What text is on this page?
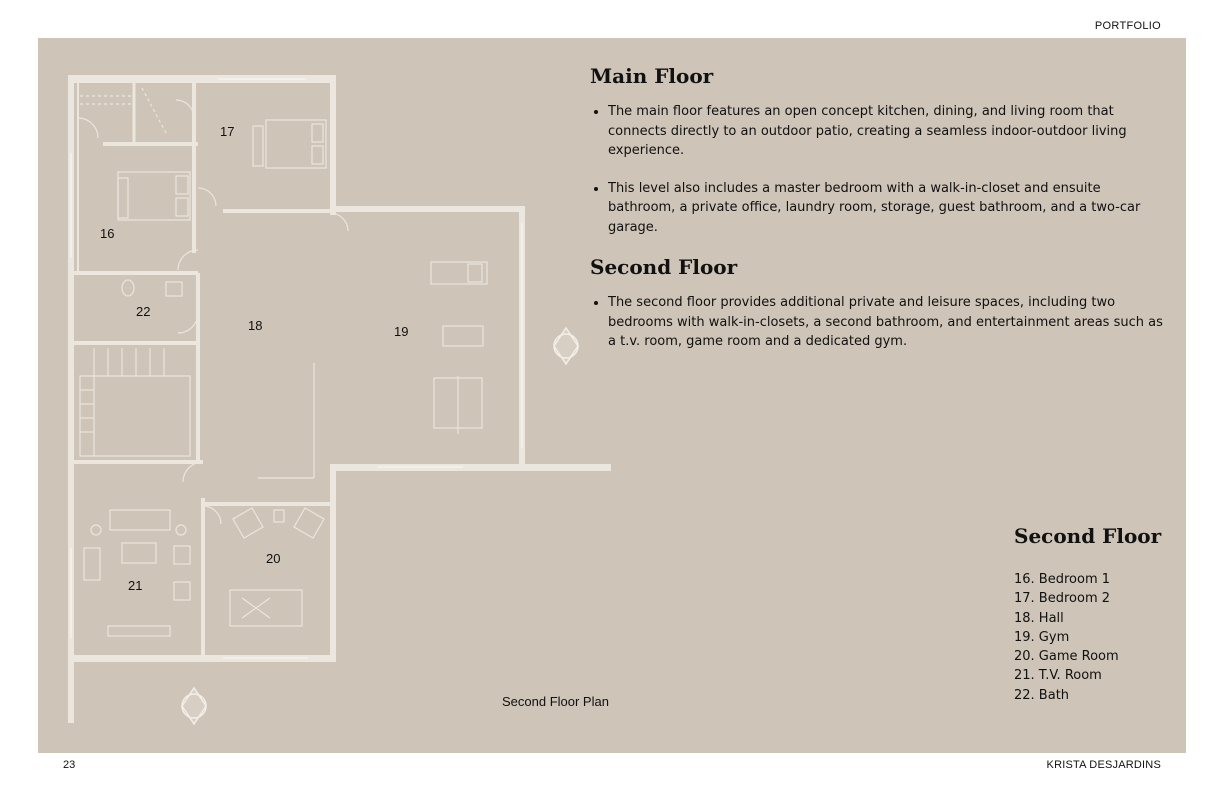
PORTFOLIO
16
17
18	19
20
21
22
Second Floor Plan
Main Floor
• The main floor features an open concept kitchen, dining, and living room that connects directly to an outdoor patio, creating a seamless indoor-outdoor living experience.
• This level also includes a master bedroom with a walk-in-closet and ensuite bathroom, a private office, laundry room, storage, guest bathroom, and a two-car garage.
Second Floor
• The second floor provides additional private and leisure spaces, including two bedrooms with walk-in-closets, a second bathroom, and entertainment areas such as a t.v. room, game room and a dedicated gym.
Second Floor
16. Bedroom 1
17. Bedroom 2
18. Hall
19. Gym
20. Game Room
21. T.V. Room
22. Bath
23	KRISTA DESJARDINS
